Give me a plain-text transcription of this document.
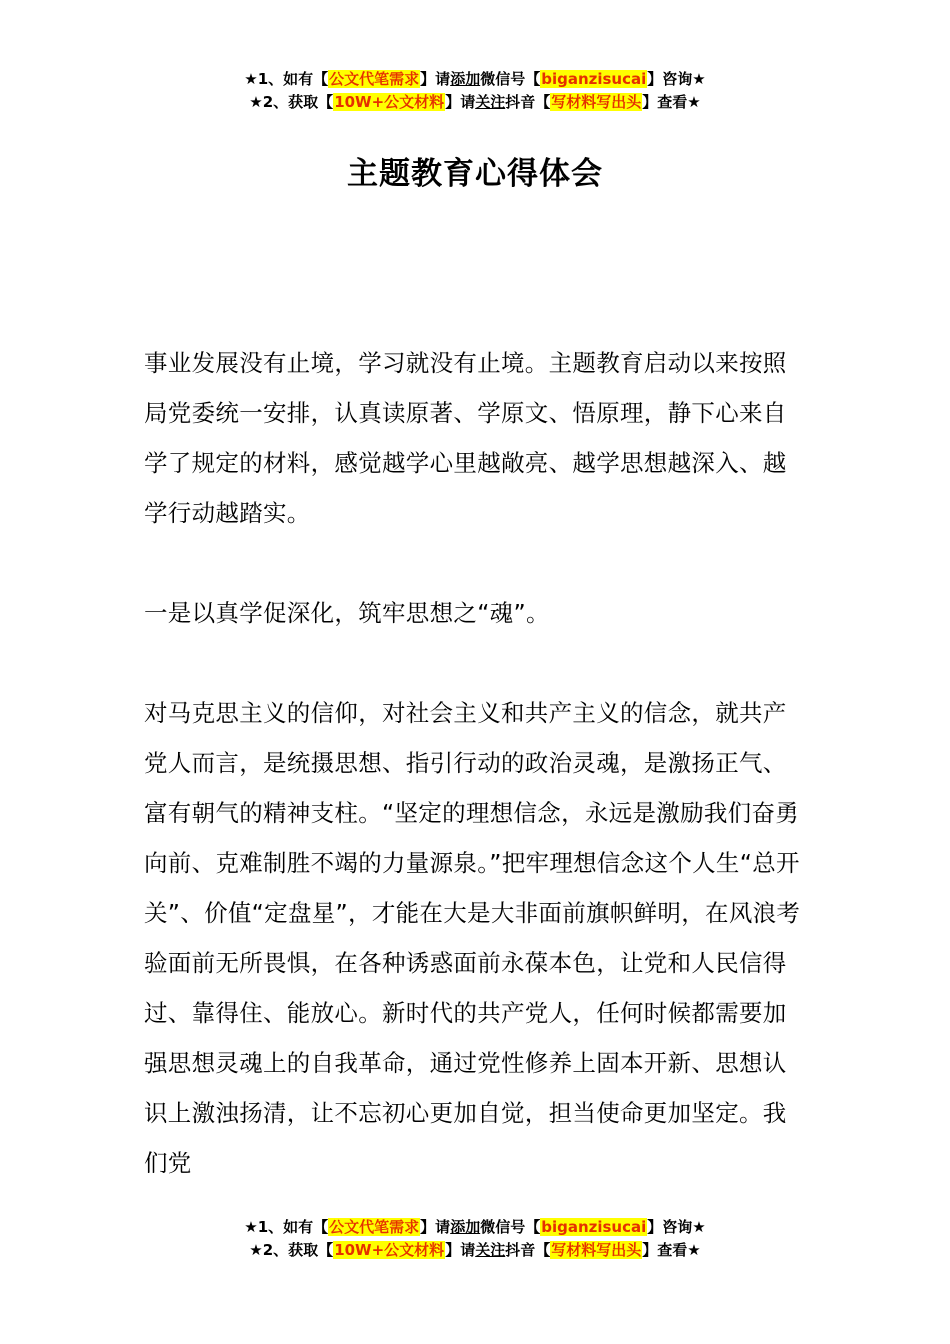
★1、如有【公文代笔需求】请添加微信号【biganzisucai】咨询★
★2、获取【10W+公文材料】请关注抖音【写材料写出头】查看★
主题教育心得体会

事业发展没有止境，学习就没有止境。主题教育启动以来按照局党委统一安排，认真读原著、学原文、悟原理，静下心来自学了规定的材料，感觉越学心里越敞亮、越学思想越深入、越学行动越踏实。

一是以真学促深化，筑牢思想之“魂”。

对马克思主义的信仰，对社会主义和共产主义的信念，就共产党人而言，是统摄思想、指引行动的政治灵魂，是激扬正气、富有朝气的精神支柱。“坚定的理想信念，永远是激励我们奋勇向前、克难制胜不竭的力量源泉。”把牢理想信念这个人生“总开关”、价值“定盘星”，才能在大是大非面前旗帜鲜明，在风浪考验面前无所畏惧，在各种诱惑面前永葆本色，让党和人民信得过、靠得住、能放心。新时代的共产党人，任何时候都需要加强思想灵魂上的自我革命，通过党性修养上固本开新、思想认识上激浊扬清，让不忘初心更加自觉，担当使命更加坚定。我们党

★1、如有【公文代笔需求】请添加微信号【biganzisucai】咨询★
★2、获取【10W+公文材料】请关注抖音【写材料写出头】查看★
